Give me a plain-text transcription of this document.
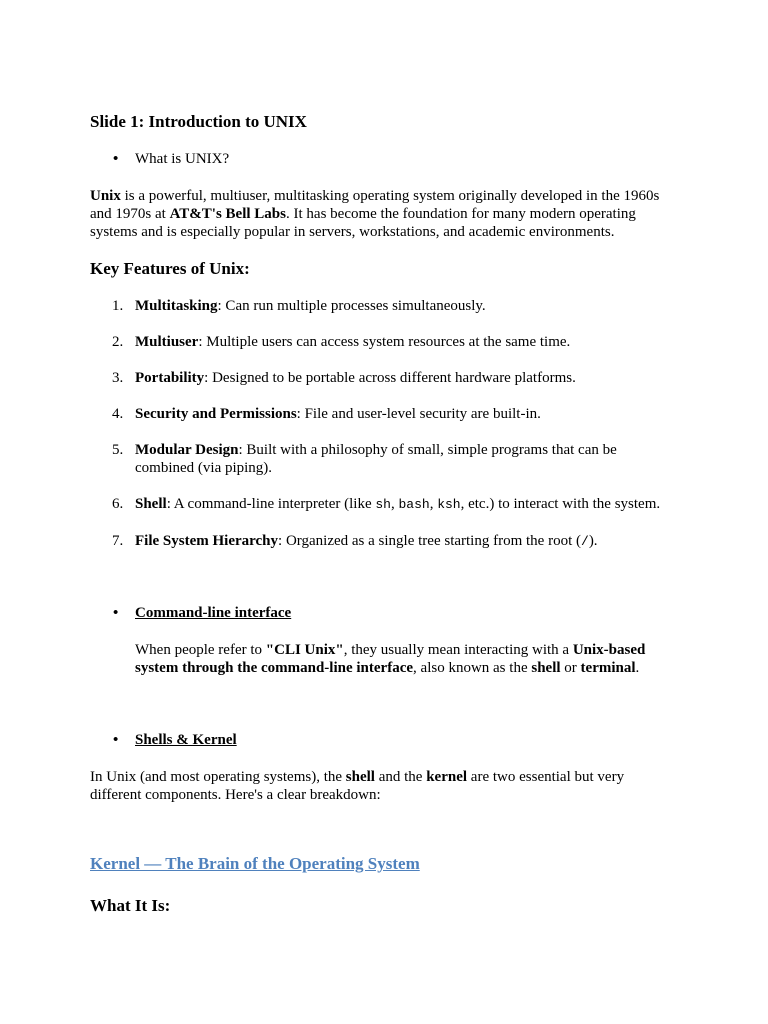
Slide 1: Introduction to UNIX
• What is UNIX?

Unix is a powerful, multiuser, multitasking operating system originally developed in the 1960s and 1970s at AT&T's Bell Labs. It has become the foundation for many modern operating systems and is especially popular in servers, workstations, and academic environments.

Key Features of Unix:
1. Multitasking: Can run multiple processes simultaneously.
2. Multiuser: Multiple users can access system resources at the same time.
3. Portability: Designed to be portable across different hardware platforms.
4. Security and Permissions: File and user-level security are built-in.
5. Modular Design: Built with a philosophy of small, simple programs that can be combined (via piping).
6. Shell: A command-line interpreter (like sh, bash, ksh, etc.) to interact with the system.
7. File System Hierarchy: Organized as a single tree starting from the root (/).
• Command-line interface

When people refer to "CLI Unix", they usually mean interacting with a Unix-based system through the command-line interface, also known as the shell or terminal.

• Shells & Kernel

In Unix (and most operating systems), the shell and the kernel are two essential but very different components. Here's a clear breakdown:

Kernel — The Brain of the Operating System
What It Is:
